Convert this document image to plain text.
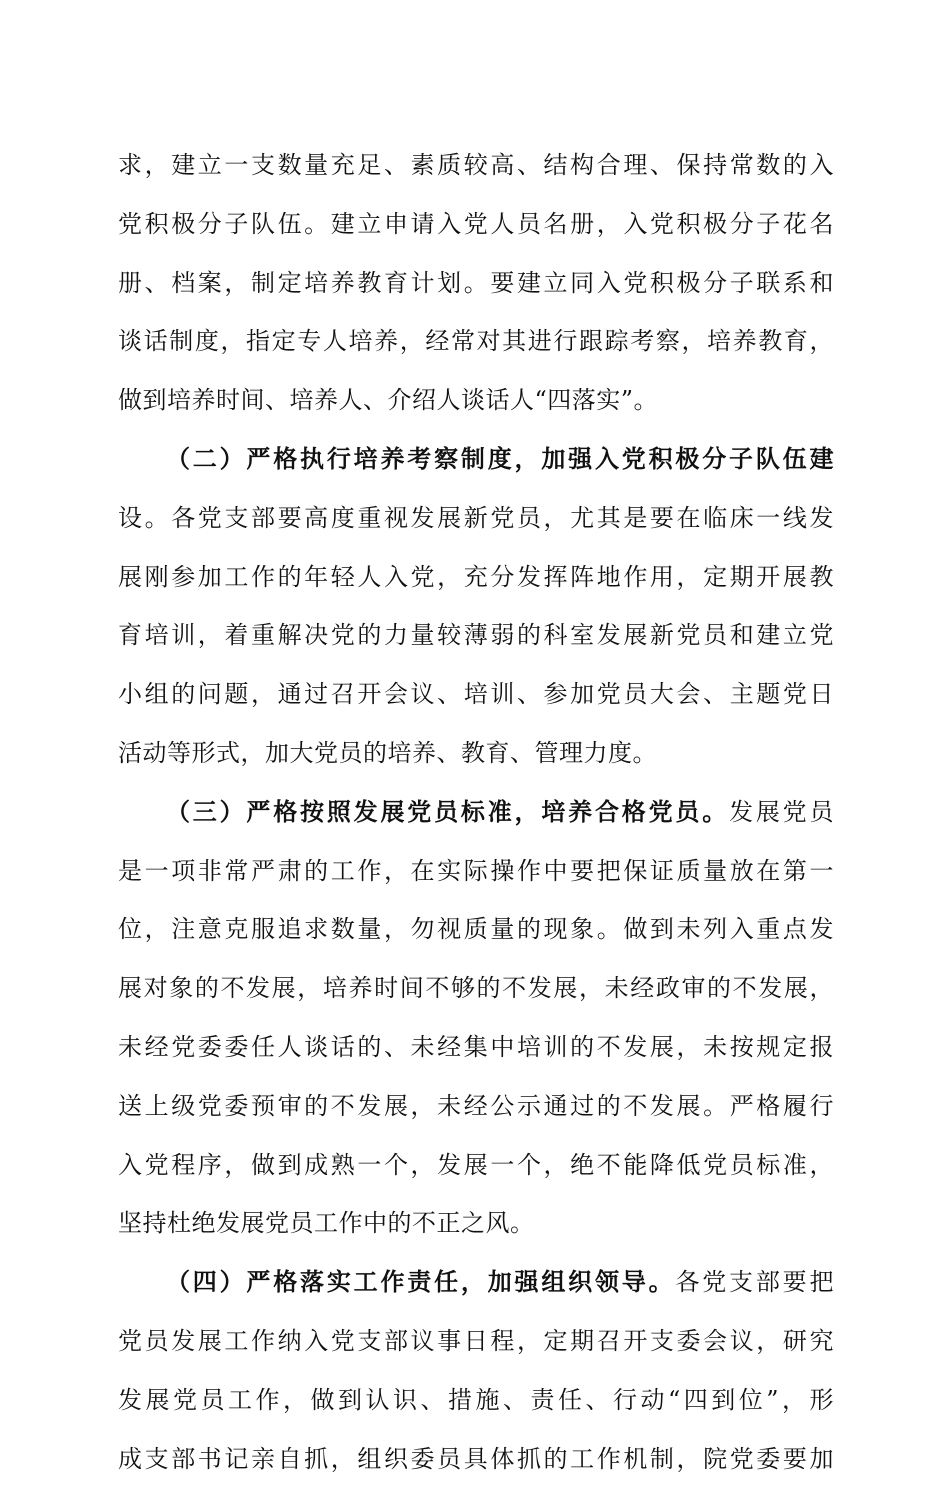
求，建立一支数量充足、素质较高、结构合理、保持常数的入
党积极分子队伍。建立申请入党人员名册，入党积极分子花名
册、档案，制定培养教育计划。要建立同入党积极分子联系和
谈话制度，指定专人培养，经常对其进行跟踪考察，培养教育，
做到培养时间、培养人、介绍人谈话人“四落实”。
（二）严格执行培养考察制度，加强入党积极分子队伍建
设。各党支部要高度重视发展新党员，尤其是要在临床一线发
展刚参加工作的年轻人入党，充分发挥阵地作用，定期开展教
育培训，着重解决党的力量较薄弱的科室发展新党员和建立党
小组的问题，通过召开会议、培训、参加党员大会、主题党日
活动等形式，加大党员的培养、教育、管理力度。
（三）严格按照发展党员标准，培养合格党员。发展党员
是一项非常严肃的工作，在实际操作中要把保证质量放在第一
位，注意克服追求数量，勿视质量的现象。做到未列入重点发
展对象的不发展，培养时间不够的不发展，未经政审的不发展，
未经党委委任人谈话的、未经集中培训的不发展，未按规定报
送上级党委预审的不发展，未经公示通过的不发展。严格履行
入党程序，做到成熟一个，发展一个，绝不能降低党员标准，
坚持杜绝发展党员工作中的不正之风。
（四）严格落实工作责任，加强组织领导。各党支部要把
党员发展工作纳入党支部议事日程，定期召开支委会议，研究
发展党员工作，做到认识、措施、责任、行动“四到位”，形
成支部书记亲自抓，组织委员具体抓的工作机制，院党委要加
